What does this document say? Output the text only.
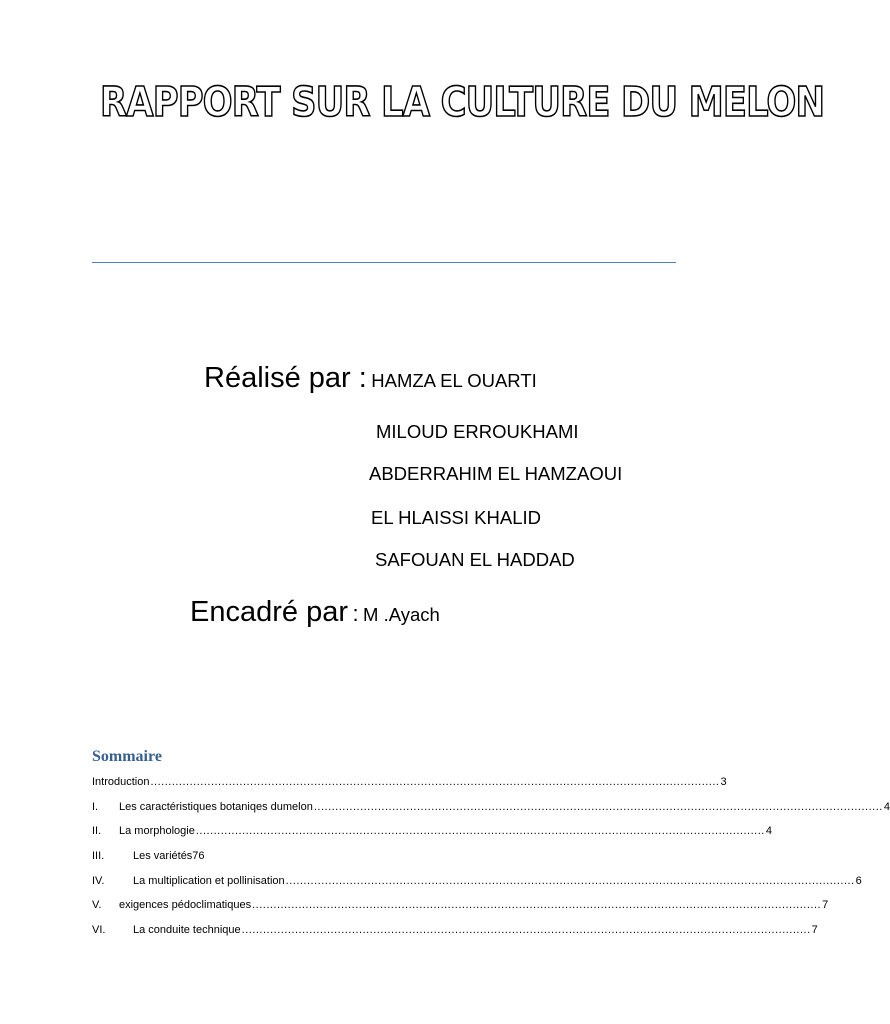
RAPPORT SUR LA CULTURE DU MELON
Réalisé par : HAMZA EL OUARTI
MILOUD ERROUKHAMI
ABDERRAHIM EL HAMZAOUI
EL HLAISSI KHALID
SAFOUAN EL HADDAD
Encadré par : M .Ayach
Sommaire
Introduction ................................................................................................................................................................ 3
I.	Les caractéristiques botaniqes dumelon ................................................................................................................................................................ 4
II.	La morphologie ................................................................................................................................................................ 4
III.	Les variétés76
IV.	La multiplication et pollinisation ................................................................................................................................................................ 6
V.	exigences pédoclimatiques ................................................................................................................................................................ 7
VI.	La conduite technique ................................................................................................................................................................ 7
